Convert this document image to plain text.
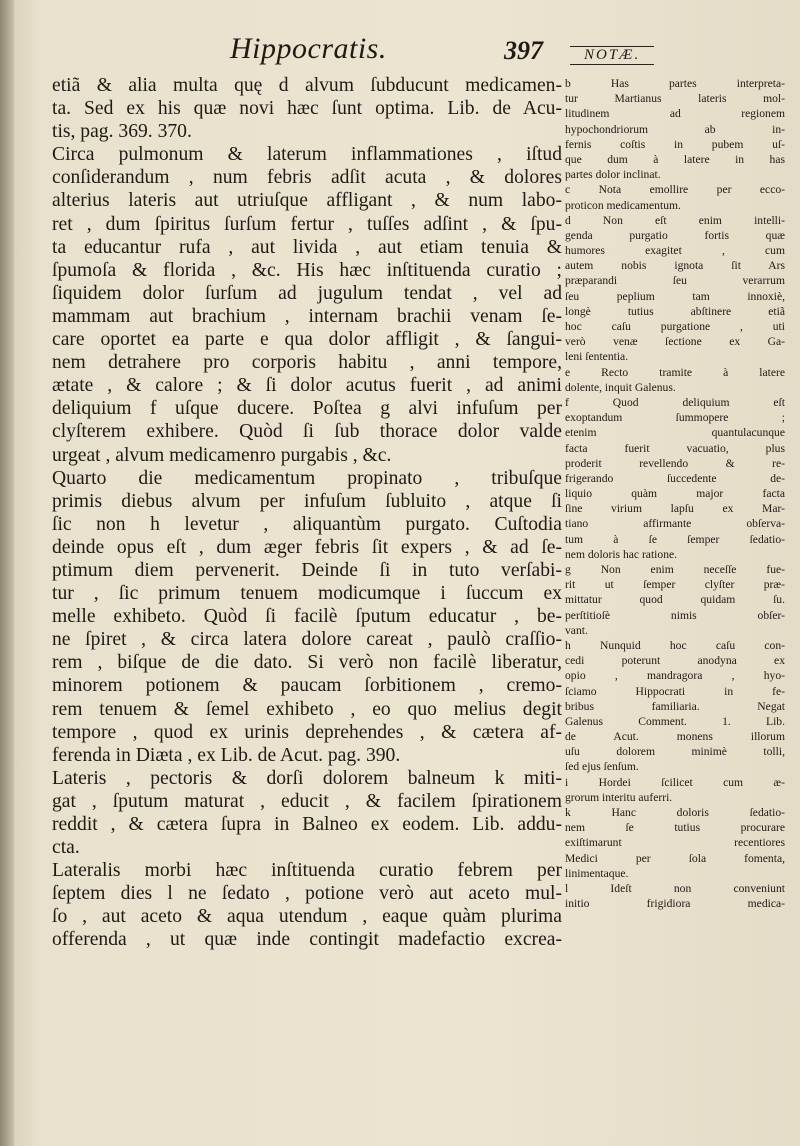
Hippocratis.	397	NOTÆ.
etiã & alia multa quę d alvum ſubducunt medicamen-
ta. Sed ex his quæ novi hæc ſunt optima. Lib. de Acu-
tis, pag. 369. 370.
Circa pulmonum & laterum inflammationes , iſtud
conſiderandum , num febris adſit acuta , & dolores
alterius lateris aut utriuſque affligant , & num labo-
ret , dum ſpiritus ſurſum fertur , tuſſes adſint , & ſpu-
ta educantur rufa , aut livida , aut etiam tenuia &
ſpumoſa & florida , &c. His hæc inſtituenda curatio ;
ſiquidem dolor ſurſum ad jugulum tendat , vel ad
mammam aut brachium , internam brachii venam ſe-
care oportet ea parte e qua dolor affligit , & ſangui-
nem detrahere pro corporis habitu , anni tempore,
ætate , & calore ; & ſi dolor acutus fuerit , ad animi
deliquium f uſque ducere. Poſtea g alvi infuſum per
clyſterem exhibere. Quòd ſi ſub thorace dolor valde
urgeat , alvum medicamenro purgabis , &c.
Quarto die medicamentum propinato , tribuſque
primis diebus alvum per infuſum ſubluito , atque ſi
ſic non h levetur , aliquantùm purgato. Cuſtodia
deinde opus eſt , dum æger febris ſit expers , & ad ſe-
ptimum diem pervenerit. Deinde ſi in tuto verſabi-
tur , ſic primum tenuem modicumque i ſuccum ex
melle exhibeto. Quòd ſi facilè ſputum educatur , be-
ne ſpiret , & circa latera dolore careat , paulò craſſio-
rem , biſque de die dato. Si verò non facilè liberatur,
minorem potionem & paucam ſorbitionem , cremo-
rem tenuem & ſemel exhibeto , eo quo melius degit
tempore , quod ex urinis deprehendes , & cætera af-
ferenda in Diæta , ex Lib. de Acut. pag. 390.
Lateris , pectoris & dorſi dolorem balneum k miti-
gat , ſputum maturat , educit , & facilem ſpirationem
reddit , & cætera ſupra in Balneo ex eodem. Lib. addu-
cta.
Lateralis morbi hæc inſtituenda curatio febrem per
ſeptem dies l ne ſedato , potione verò aut aceto mul-
ſo , aut aceto & aqua utendum , eaque quàm plurima
offerenda , ut quæ inde contingit madefactio excrea-
b Has partes interpreta-
tur Martianus lateris mol-
litudinem ad regionem
hypochondriorum ab in-
fernis coſtis in pubem uſ-
que dum à latere in has
partes dolor inclinat.
c Nota emollire per ecco-
proticon medicamentum.
d Non eſt enim intelli-
genda purgatio fortis quæ
humores exagitet , cum
autem nobis ignota ſit Ars
præparandi ſeu verarrum
ſeu peplium tam innoxiè,
longè tutius abſtinere etiã
hoc caſu purgatione , uti
verò venæ ſectione ex Ga-
leni ſententia.
e Recto tramite à latere
dolente, inquit Galenus.
f Quod deliquium eſt
exoptandum ſummopere ;
etenim quantulacunque
facta fuerit vacuatio, plus
proderit revellendo & re-
frigerando ſuccedente de-
liquio quàm major facta
ſine virium lapſu ex Mar-
tiano affirmante obſerva-
tum à ſe ſemper ſedatio-
nem doloris hac ratione.
g Non enim neceſſe fue-
rit ut ſemper clyſter præ-
mittatur quod quidam ſu.
perſtitioſè nimis obſer-
vant.
h Nunquid hoc caſu con-
cedi poterunt anodyna ex
opio , mandragora , hyo-
ſciamo Hippocrati in fe-
bribus familiaria. Negat
Galenus Comment. 1. Lib.
de Acut. monens illorum
uſu dolorem minimè tolli,
ſed ejus ſenſum.
i Hordei ſcilicet cum æ-
grorum interitu auferri.
k Hanc doloris ſedatio-
nem ſe tutius procurare
exiſtimarunt recentiores
Medici per ſola fomenta,
linimentaque.
l Ideſt non conveniunt
initio frigidiora medica-
